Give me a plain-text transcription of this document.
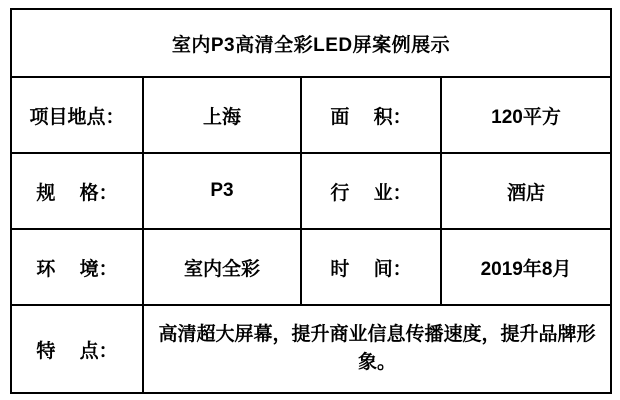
室内P3高清全彩LED屏案例展示			
项目地点：	上海	面　 积：	120平方
规　 格：	P3	行　 业：	酒店
环　 境：	室内全彩	时　 间：	2019年8月
特　 点：	高清超大屏幕，提升商业信息传播速度，提升品牌形象。		
